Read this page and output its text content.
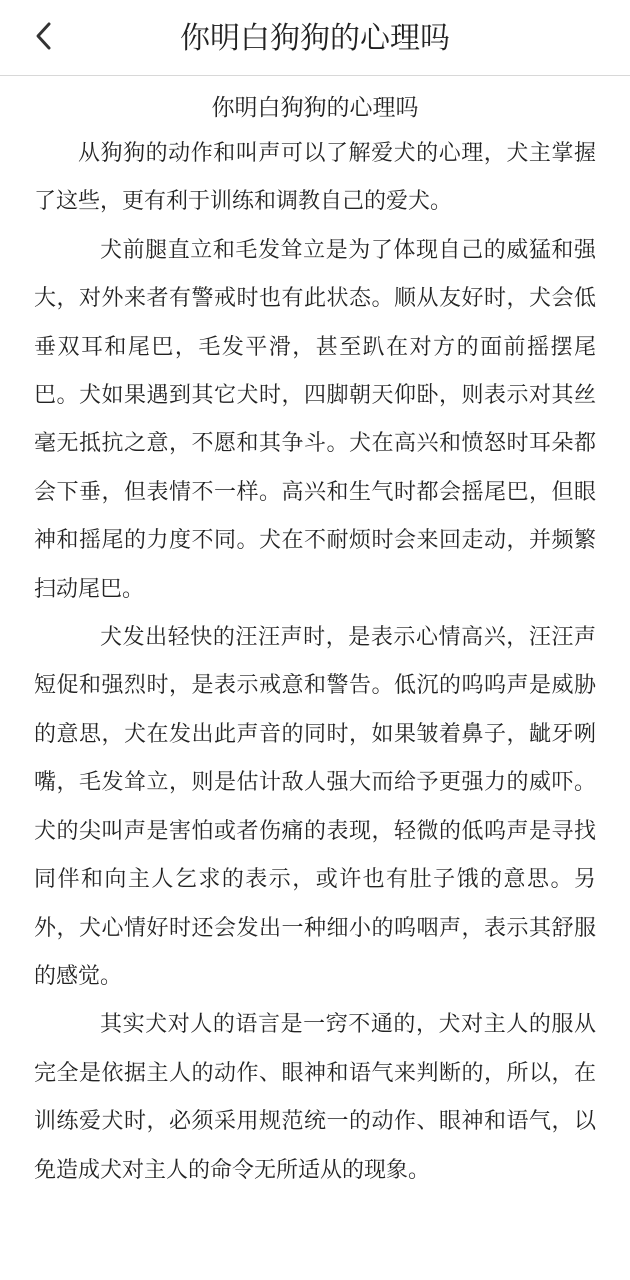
你明白狗狗的心理吗
你明白狗狗的心理吗

从狗狗的动作和叫声可以了解爱犬的心理，犬主掌握了这些，更有利于训练和调教自己的爱犬。

犬前腿直立和毛发耸立是为了体现自己的威猛和强大，对外来者有警戒时也有此状态。顺从友好时，犬会低垂双耳和尾巴，毛发平滑，甚至趴在对方的面前摇摆尾巴。犬如果遇到其它犬时，四脚朝天仰卧，则表示对其丝毫无抵抗之意，不愿和其争斗。犬在高兴和愤怒时耳朵都会下垂，但表情不一样。高兴和生气时都会摇尾巴，但眼神和摇尾的力度不同。犬在不耐烦时会来回走动，并频繁扫动尾巴。

犬发出轻快的汪汪声时，是表示心情高兴，汪汪声短促和强烈时，是表示戒意和警告。低沉的呜呜声是威胁的意思，犬在发出此声音的同时，如果皱着鼻子，龇牙咧嘴，毛发耸立，则是估计敌人强大而给予更强力的威吓。犬的尖叫声是害怕或者伤痛的表现，轻微的低呜声是寻找同伴和向主人乞求的表示，或许也有肚子饿的意思。另外，犬心情好时还会发出一种细小的呜咽声，表示其舒服的感觉。

其实犬对人的语言是一窍不通的，犬对主人的服从完全是依据主人的动作、眼神和语气来判断的，所以，在训练爱犬时，必须采用规范统一的动作、眼神和语气，以免造成犬对主人的命令无所适从的现象。
